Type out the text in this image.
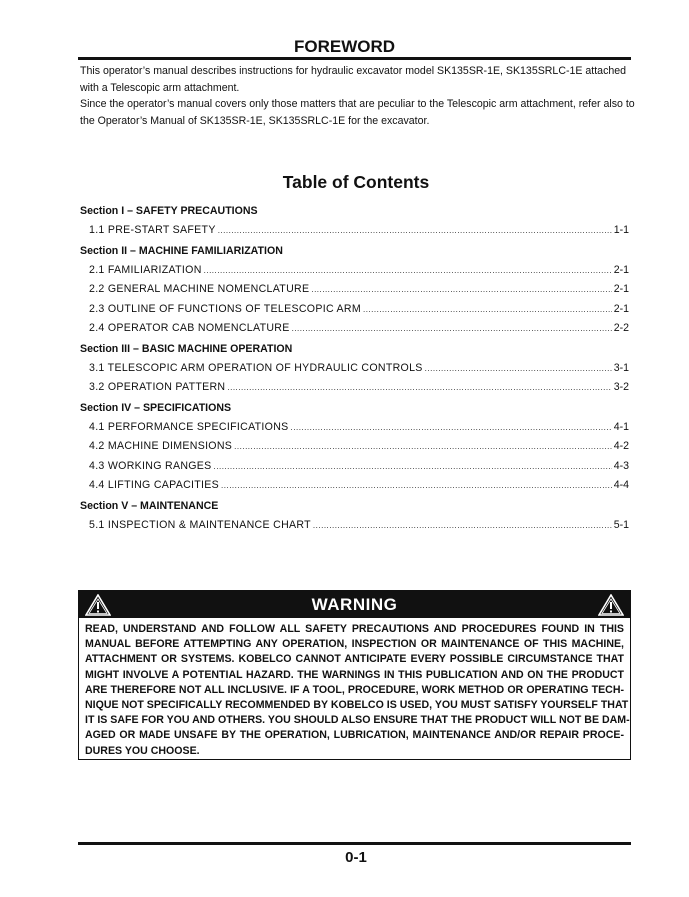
FOREWORD

This operator’s manual describes instructions for hydraulic excavator model SK135SR-1E, SK135SRLC-1E attached with a Telescopic arm attachment.

Since the operator’s manual covers only those matters that are peculiar to the Telescopic arm attachment, refer also to the Operator’s Manual of SK135SR-1E, SK135SRLC-1E for the excavator.

Table of Contents
Section I – SAFETY PRECAUTIONS
1.1 PRE-START SAFETY .....	1-1
Section II – MACHINE FAMILIARIZATION
2.1 FAMILIARIZATION .....	2-1
2.2 GENERAL MACHINE NOMENCLATURE .....	2-1
2.3 OUTLINE OF FUNCTIONS OF TELESCOPIC ARM .....	2-1
2.4 OPERATOR CAB NOMENCLATURE .....	2-2
Section III – BASIC MACHINE OPERATION
3.1 TELESCOPIC ARM OPERATION OF HYDRAULIC CONTROLS .....	3-1
3.2 OPERATION PATTERN .....	3-2
Section IV – SPECIFICATIONS
4.1 PERFORMANCE SPECIFICATIONS .....	4-1
4.2 MACHINE DIMENSIONS .....	4-2
4.3 WORKING RANGES .....	4-3
4.4 LIFTING CAPACITIES .....	4-4
Section V – MAINTENANCE
5.1 INSPECTION & MAINTENANCE CHART .....	5-1
WARNING
READ, UNDERSTAND AND FOLLOW ALL SAFETY PRECAUTIONS AND PROCEDURES FOUND IN THIS
MANUAL BEFORE ATTEMPTING ANY OPERATION, INSPECTION OR MAINTENANCE OF THIS MACHINE,
ATTACHMENT OR SYSTEMS. KOBELCO CANNOT ANTICIPATE EVERY POSSIBLE CIRCUMSTANCE THAT
MIGHT INVOLVE A POTENTIAL HAZARD. THE WARNINGS IN THIS PUBLICATION AND ON THE PRODUCT
ARE THEREFORE NOT ALL INCLUSIVE. IF A TOOL, PROCEDURE, WORK METHOD OR OPERATING TECH-
NIQUE NOT SPECIFICALLY RECOMMENDED BY KOBELCO IS USED, YOU MUST SATISFY YOURSELF THAT
IT IS SAFE FOR YOU AND OTHERS. YOU SHOULD ALSO ENSURE THAT THE PRODUCT WILL NOT BE DAM-
AGED OR MADE UNSAFE BY THE OPERATION, LUBRICATION, MAINTENANCE AND/OR REPAIR PROCE-
DURES YOU CHOOSE.
0-1
